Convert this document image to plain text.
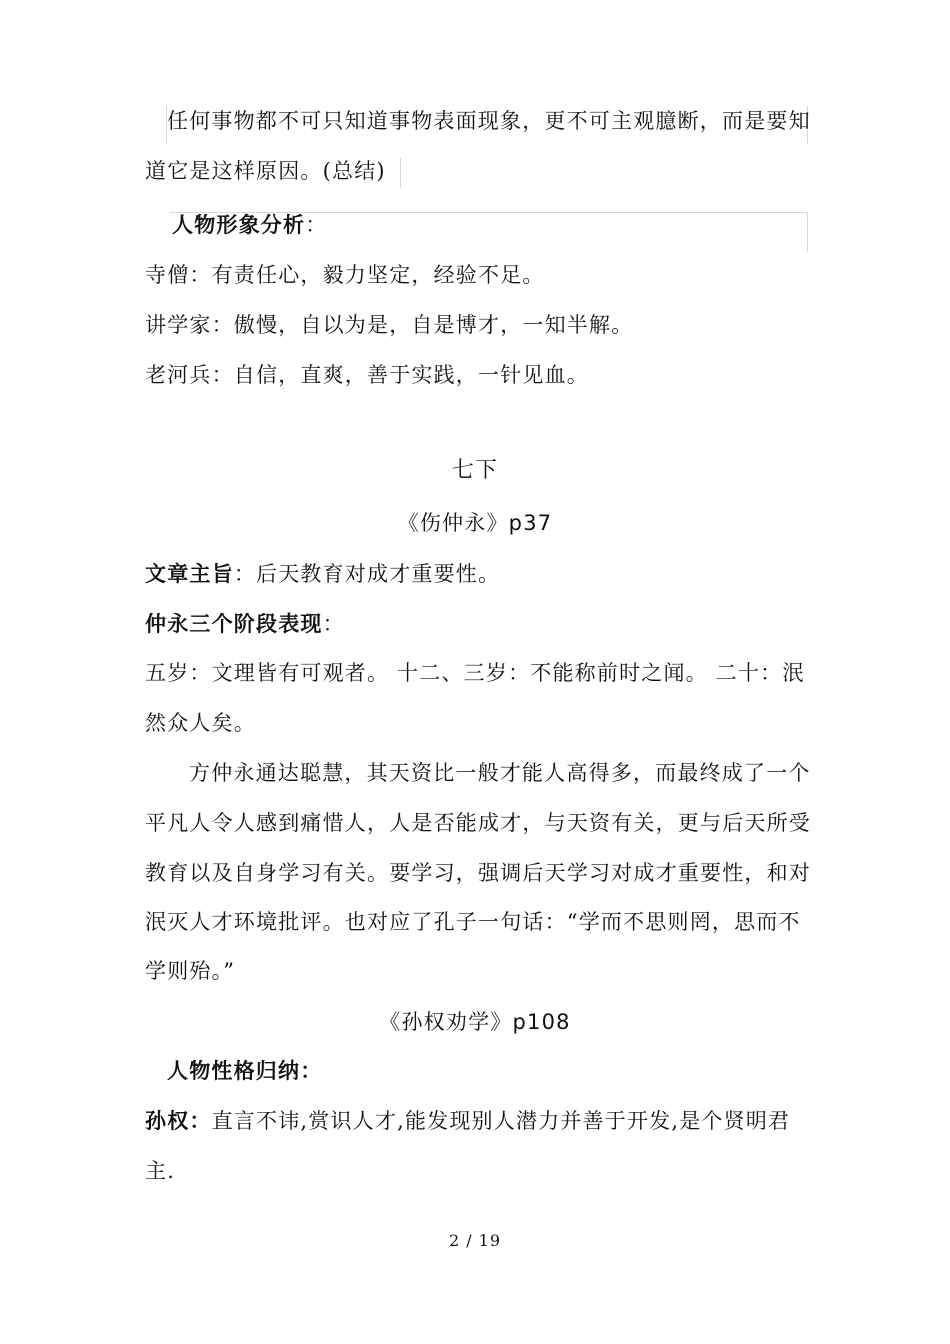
任何事物都不可只知道事物表面现象，更不可主观臆断，而是要知
道它是这样原因。(总结)
人物形象分析：
寺僧：有责任心，毅力坚定，经验不足。
讲学家：傲慢，自以为是，自是博才，一知半解。
老河兵：自信，直爽，善于实践，一针见血。
七下
《伤仲永》p37
文章主旨：后天教育对成才重要性。
仲永三个阶段表现：
五岁：文理皆有可观者。 十二、三岁：不能称前时之闻。 二十：泯
然众人矣。
方仲永通达聪慧，其天资比一般才能人高得多，而最终成了一个
平凡人令人感到痛惜人，人是否能成才，与天资有关，更与后天所受
教育以及自身学习有关。要学习，强调后天学习对成才重要性，和对
泯灭人才环境批评。也对应了孔子一句话：“学而不思则罔，思而不
学则殆。”
《孙权劝学》p108
人物性格归纳：
孙权：直言不讳,赏识人才,能发现别人潜力并善于开发,是个贤明君
主.
2 / 19
